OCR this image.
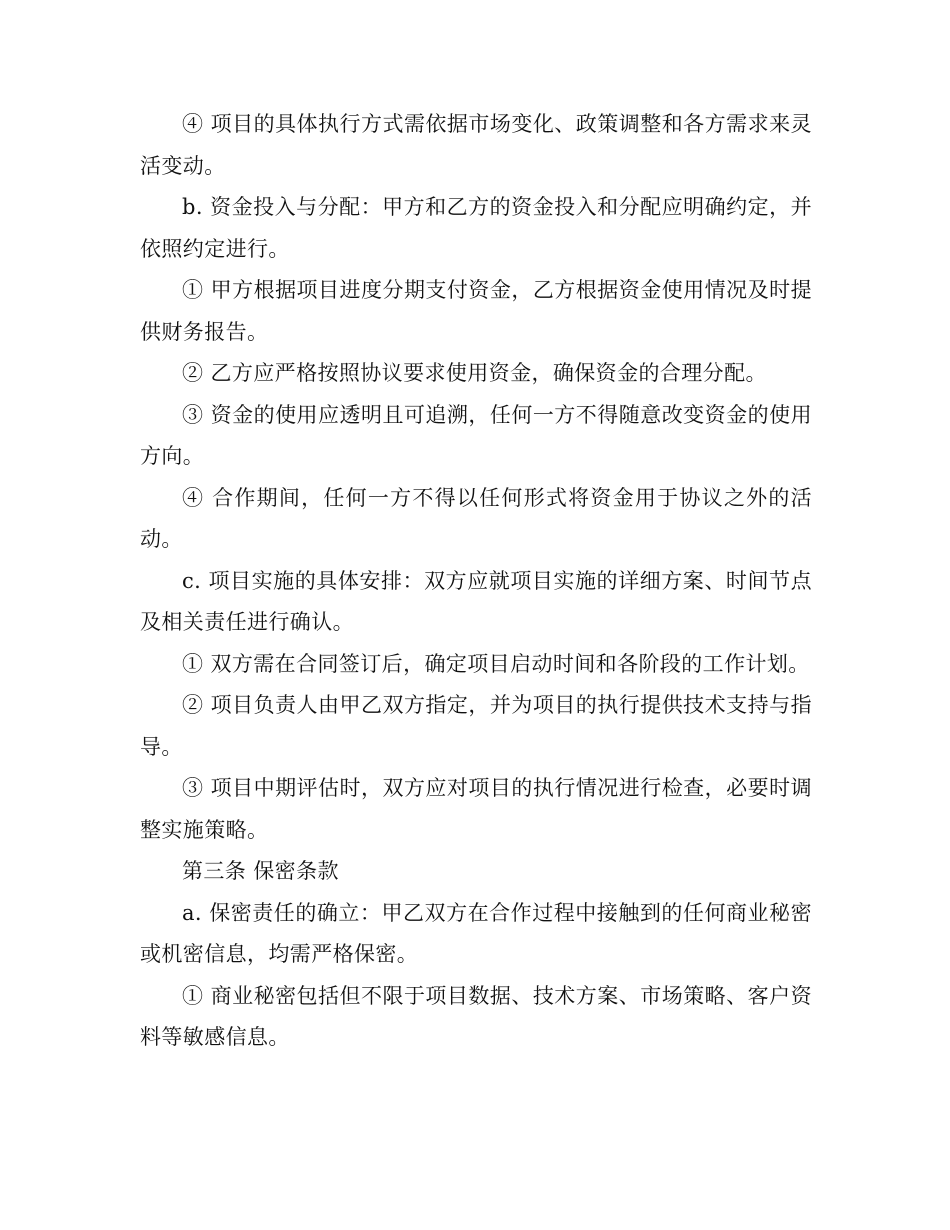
④ 项目的具体执行方式需依据市场变化、政策调整和各方需求来灵活变动。

b. 资金投入与分配：甲方和乙方的资金投入和分配应明确约定，并依照约定进行。

① 甲方根据项目进度分期支付资金，乙方根据资金使用情况及时提供财务报告。

② 乙方应严格按照协议要求使用资金，确保资金的合理分配。

③ 资金的使用应透明且可追溯，任何一方不得随意改变资金的使用方向。

④ 合作期间，任何一方不得以任何形式将资金用于协议之外的活动。

c. 项目实施的具体安排：双方应就项目实施的详细方案、时间节点及相关责任进行确认。

① 双方需在合同签订后，确定项目启动时间和各阶段的工作计划。

② 项目负责人由甲乙双方指定，并为项目的执行提供技术支持与指导。

③ 项目中期评估时，双方应对项目的执行情况进行检查，必要时调整实施策略。

第三条 保密条款

a. 保密责任的确立：甲乙双方在合作过程中接触到的任何商业秘密或机密信息，均需严格保密。

① 商业秘密包括但不限于项目数据、技术方案、市场策略、客户资料等敏感信息。
